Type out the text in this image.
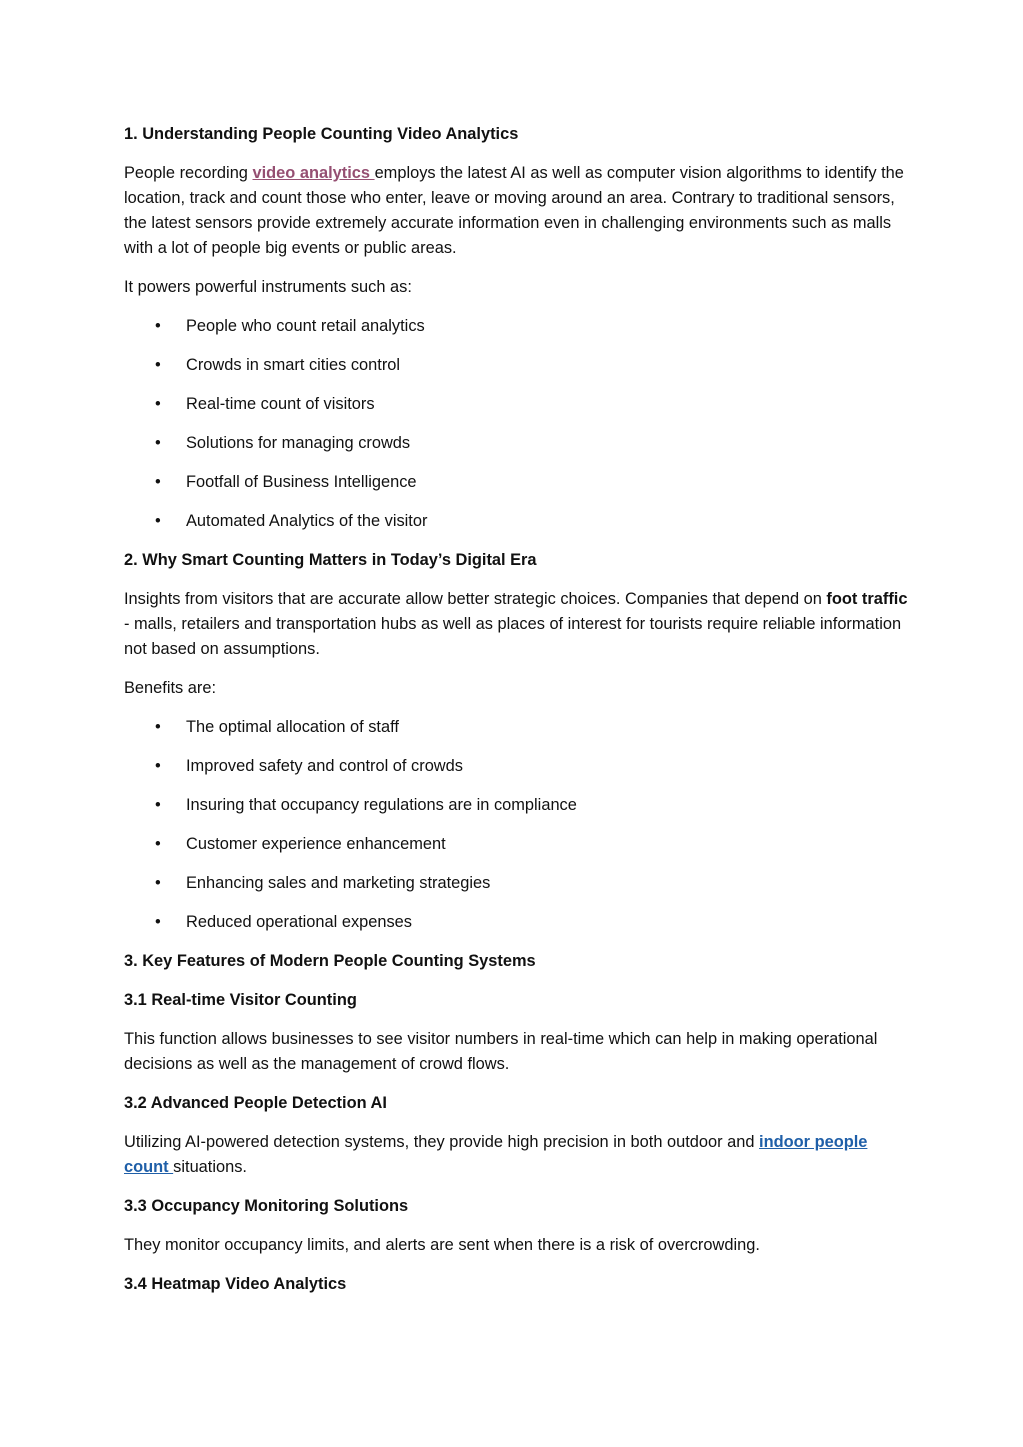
1. Understanding People Counting Video Analytics
People recording video analytics employs the latest AI as well as computer vision algorithms to identify the location, track and count those who enter, leave or moving around an area. Contrary to traditional sensors, the latest sensors provide extremely accurate information even in challenging environments such as malls with a lot of people big events or public areas.
It powers powerful instruments such as:
• People who count retail analytics
• Crowds in smart cities control
• Real-time count of visitors
• Solutions for managing crowds
• Footfall of Business Intelligence
• Automated Analytics of the visitor
2. Why Smart Counting Matters in Today’s Digital Era
Insights from visitors that are accurate allow better strategic choices. Companies that depend on foot traffic - malls, retailers and transportation hubs as well as places of interest for tourists require reliable information not based on assumptions.
Benefits are:
• The optimal allocation of staff
• Improved safety and control of crowds
• Insuring that occupancy regulations are in compliance
• Customer experience enhancement
• Enhancing sales and marketing strategies
• Reduced operational expenses
3. Key Features of Modern People Counting Systems
3.1 Real-time Visitor Counting
This function allows businesses to see visitor numbers in real-time which can help in making operational decisions as well as the management of crowd flows.
3.2 Advanced People Detection AI
Utilizing AI-powered detection systems, they provide high precision in both outdoor and indoor people count situations.
3.3 Occupancy Monitoring Solutions
They monitor occupancy limits, and alerts are sent when there is a risk of overcrowding.
3.4 Heatmap Video Analytics
